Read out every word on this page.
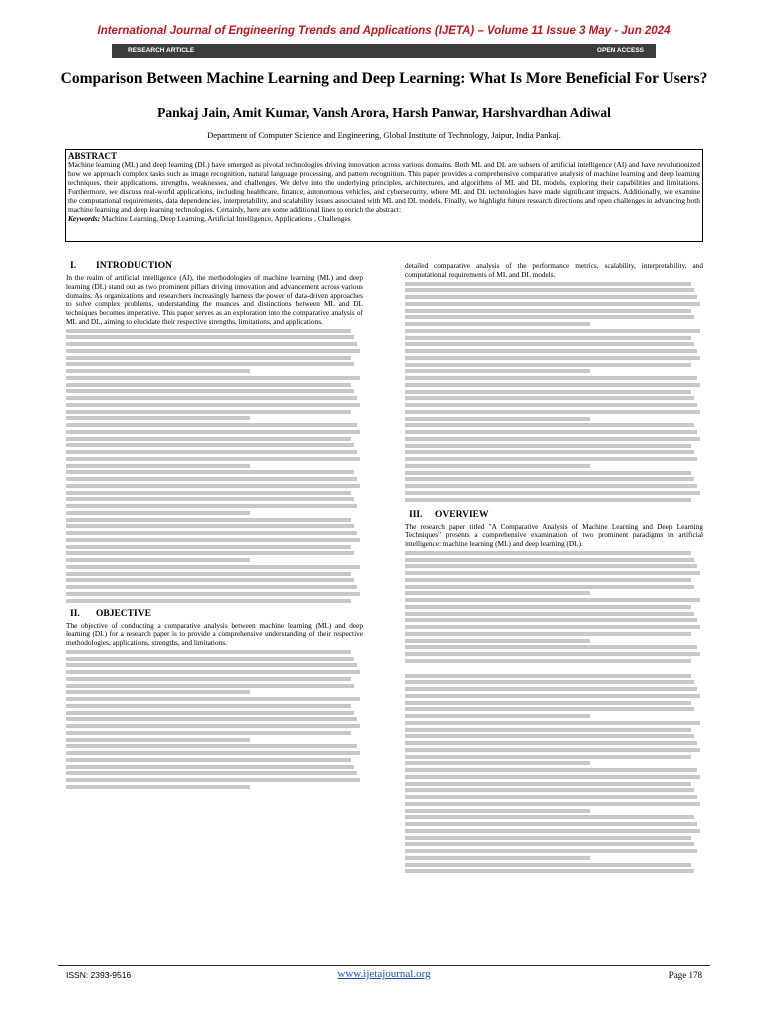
International Journal of Engineering Trends and Applications (IJETA) – Volume 11 Issue 3 May - Jun 2024
RESEARCH ARTICLE	OPEN ACCESS
Comparison Between Machine Learning and Deep Learning: What Is More Beneficial For Users?
Pankaj Jain, Amit Kumar, Vansh Arora, Harsh Panwar, Harshvardhan Adiwal
Department of Computer Science and Engineering, Global Institute of Technology, Jaipur, India Pankaj.
ABSTRACT
Machine learning (ML) and deep learning (DL) have emerged as pivotal technologies driving innovation across various domains. Both ML and DL are subsets of artificial intelligence (AI) and have revolutionized how we approach complex tasks such as image recognition, natural language processing, and pattern recognition. This paper provides a comprehensive comparative analysis of machine learning and deep learning techniques, their applications, strengths, weaknesses, and challenges. We delve into the underlying principles, architectures, and algorithms of ML and DL models, exploring their capabilities and limitations. Furthermore, we discuss real-world applications, including healthcare, finance, autonomous vehicles, and cybersecurity, where ML and DL technologies have made significant impacts. Additionally, we examine the computational requirements, data dependencies, interpretability, and scalability issues associated with ML and DL models. Finally, we highlight future research directions and open challenges in advancing both machine learning and deep learning technologies. Certainly, here are some additional lines to enrich the abstract:
Keywords: Machine Learning, Deep Learning, Artificial Intelligence, Applications , Challenges
I. INTRODUCTION
In the realm of artificial intelligence (AI), the methodologies of machine learning (ML) and deep learning (DL) stand out as two prominent pillars driving innovation and advancement across various domains. As organizations and researchers increasingly harness the power of data-driven approaches to solve complex problems, understanding the nuances and distinctions between ML and DL techniques becomes imperative. This paper serves as an exploration into the comparative analysis of ML and DL, aiming to elucidate their respective strengths, limitations, and applications.
II. OBJECTIVE
The objective of conducting a comparative analysis between machine learning (ML) and deep learning (DL) for a research paper is to provide a comprehensive understanding of their respective methodologies, applications, strengths, and limitations.
detailed comparative analysis of the performance metrics, scalability, interpretability, and computational requirements of ML and DL models.
III. OVERVIEW
The research paper titled "A Comparative Analysis of Machine Learning and Deep Learning Techniques" presents a comprehensive examination of two prominent paradigms in artificial intelligence: machine learning (ML) and deep learning (DL).
ISSN: 2393-9516	www.ijetajournal.org	Page 178
